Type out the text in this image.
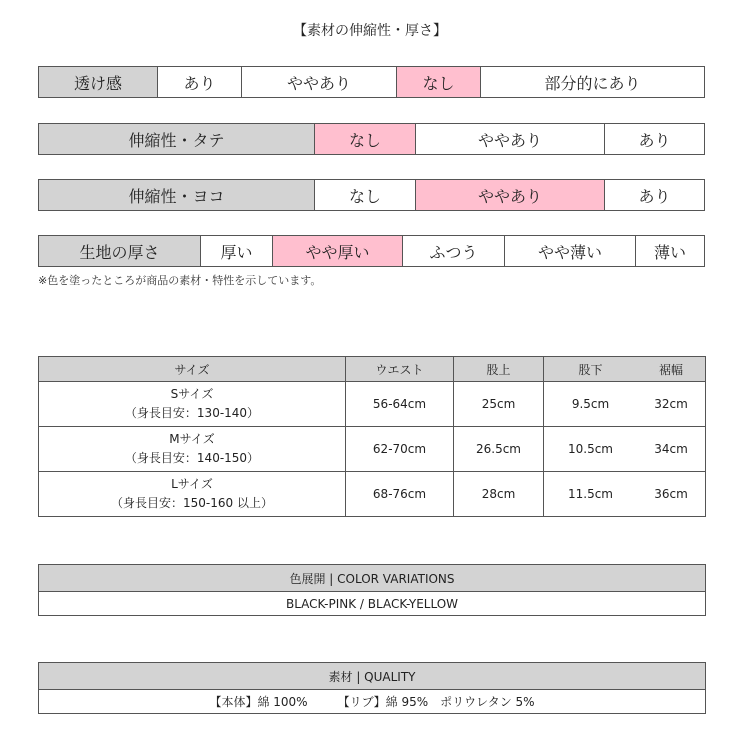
【素材の伸縮性・厚さ】
透け感	あり	ややあり	なし	部分的にあり
伸縮性・タテ	なし	ややあり	あり
伸縮性・ヨコ	なし	ややあり	あり
生地の厚さ	厚い	やや厚い	ふつう	やや薄い	薄い
※色を塗ったところが商品の素材・特性を示しています。
サイズ	ウエスト	股上	股下	裾幅

Sサイズ
（身長目安：130-140）	56-64cm	25cm	9.5cm	32cm

Mサイズ
（身長目安：140-150）	62-70cm	26.5cm	10.5cm	34cm

Lサイズ
（身長目安：150-160 以上）	68-76cm	28cm	11.5cm	36cm
色展開 | COLOR VARIATIONS
BLACK-PINK / BLACK-YELLOW
素材 | QUALITY
【本体】綿 100%	【リブ】綿 95%　ポリウレタン 5%
